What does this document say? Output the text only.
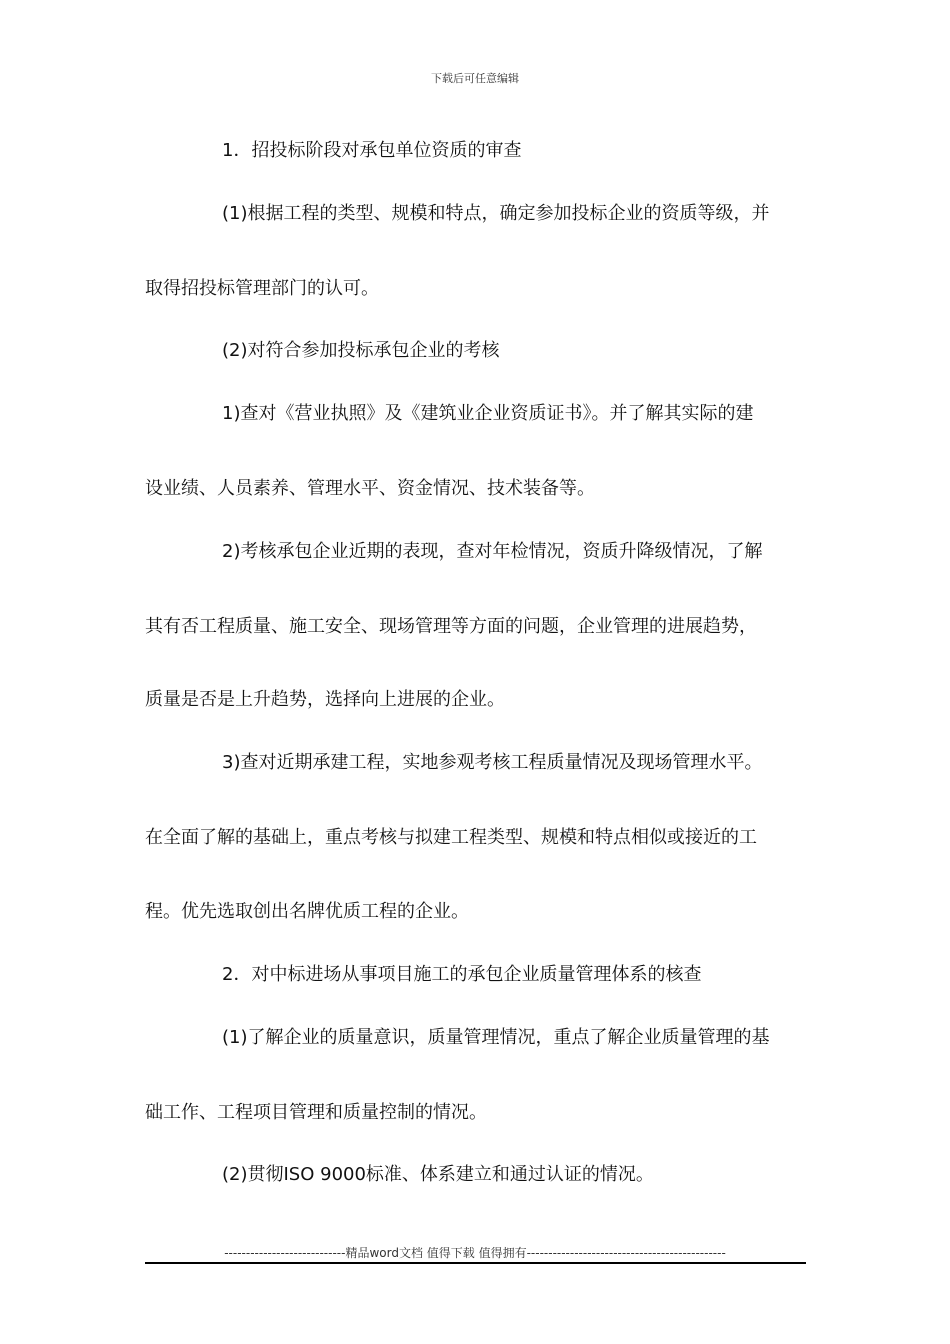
下载后可任意编辑
1．招投标阶段对承包单位资质的审查
(1)根据工程的类型、规模和特点，确定参加投标企业的资质等级，并
取得招投标管理部门的认可。
(2)对符合参加投标承包企业的考核
1)查对《营业执照》及《建筑业企业资质证书》。并了解其实际的建
设业绩、人员素养、管理水平、资金情况、技术装备等。
2)考核承包企业近期的表现，查对年检情况，资质升降级情况，了解
其有否工程质量、施工安全、现场管理等方面的问题，企业管理的进展趋势，
质量是否是上升趋势，选择向上进展的企业。
3)查对近期承建工程，实地参观考核工程质量情况及现场管理水平。
在全面了解的基础上，重点考核与拟建工程类型、规模和特点相似或接近的工
程。优先选取创出名牌优质工程的企业。
2．对中标进场从事项目施工的承包企业质量管理体系的核查
(1)了解企业的质量意识，质量管理情况，重点了解企业质量管理的基
础工作、工程项目管理和质量控制的情况。
(2)贯彻ISO 9000标准、体系建立和通过认证的情况。
----------------------------精品word文档 值得下载 值得拥有----------------------------------------------
